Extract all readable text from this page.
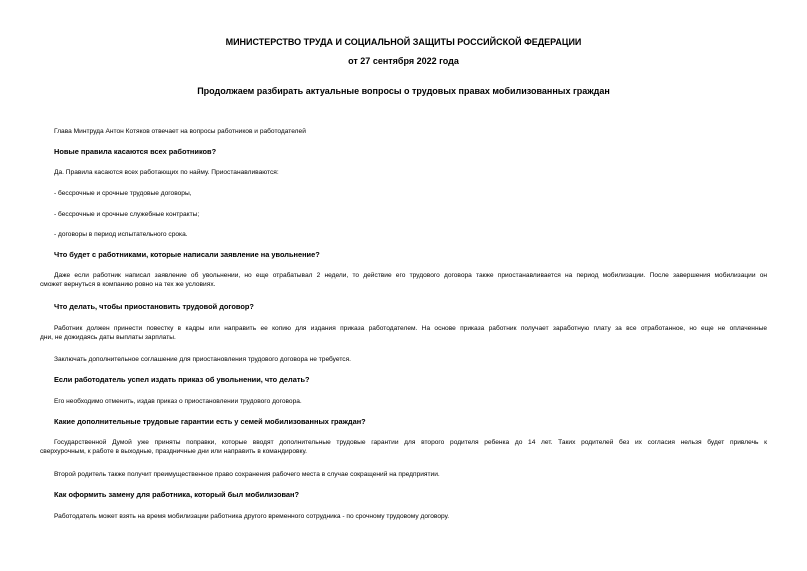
МИНИСТЕРСТВО ТРУДА И СОЦИАЛЬНОЙ ЗАЩИТЫ РОССИЙСКОЙ ФЕДЕРАЦИИ
от 27 сентября 2022 года
Продолжаем разбирать актуальные вопросы о трудовых правах мобилизованных граждан
Глава Минтруда Антон Котяков отвечает на вопросы работников и работодателей
Новые правила касаются всех работников?
Да. Правила касаются всех работающих по найму. Приостанавливаются:
- бессрочные и срочные трудовые договоры,
- бессрочные и срочные служебные контракты;
- договоры в период испытательного срока.
Что будет с работниками, которые написали заявление на увольнение?
Даже если работник написал заявление об увольнении, но еще отрабатывал 2 недели, то действие его трудового договора также приостанавливается на период мобилизации. После завершения мобилизации он
сможет вернуться в компанию ровно на тех же условиях.
Что делать, чтобы приостановить трудовой договор?
Работник должен принести повестку в кадры или направить ее копию для издания приказа работодателем. На основе приказа работник получает заработную плату за все отработанное, но еще не оплаченные
дни, не дожидаясь даты выплаты зарплаты.
Заключать дополнительное соглашение для приостановления трудового договора не требуется.
Если работодатель успел издать приказ об увольнении, что делать?
Его необходимо отменить, издав приказ о приостановлении трудового договора.
Какие дополнительные трудовые гарантии есть у семей мобилизованных граждан?
Государственной Думой уже приняты поправки, которые вводят дополнительные трудовые гарантии для второго родителя ребенка до 14 лет. Таких родителей без их согласия нельзя будет привлечь к
сверхурочным, к работе в выходные, праздничные дни или направить в командировку.
Второй родитель также получит преимущественное право сохранения рабочего места в случае сокращений на предприятии.
Как оформить замену для работника, который был мобилизован?
Работодатель может взять на время мобилизации работника другого временного сотрудника - по срочному трудовому договору.
